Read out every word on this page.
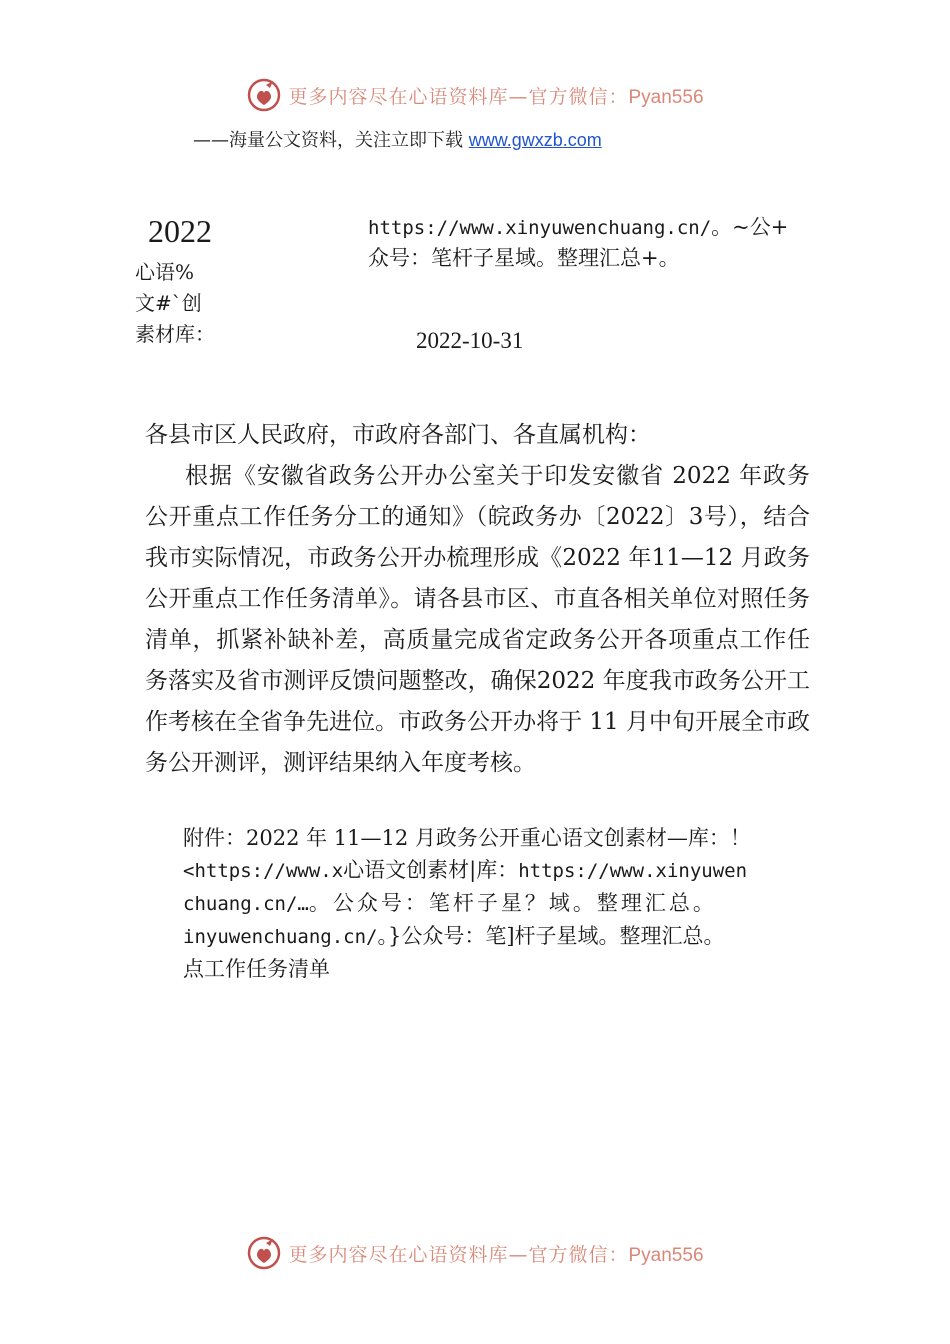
更多内容尽在心语资料库—官方微信：Pyan556
——海量公文资料，关注立即下载 www.gwxzb.com
2022
心语%
文#`创
素材库：
https://www.xinyuwenchuang.cn/。~公+
众号：笔杆子星域。整理汇总+。
2022-10-31

各县市区人民政府，市政府各部门、各直属机构：

根据《安徽省政务公开办公室关于印发安徽省 2022 年政务公开重点工作任务分工的通知》（皖政务办〔2022〕3号），结合我市实际情况，市政务公开办梳理形成《2022 年11—12 月政务公开重点工作任务清单》。请各县市区、市直各相关单位对照任务清单，抓紧补缺补差，高质量完成省定政务公开各项重点工作任务落实及省市测评反馈问题整改，确保2022 年度我市政务公开工作考核在全省争先进位。市政务公开办将于 11 月中旬开展全市政务公开测评，测评结果纳入年度考核。

附件：2022 年 11—12 月政务公开重心语文创素材—库：！
<https://www.x心语文创素材|库：https://www.xinyuwen
chuang.cn/…。公众号：笔杆子星？域。整理汇总。
inyuwenchuang.cn/。}公众号：笔]杆子星域。整理汇总。
点工作任务清单
更多内容尽在心语资料库—官方微信：Pyan556
